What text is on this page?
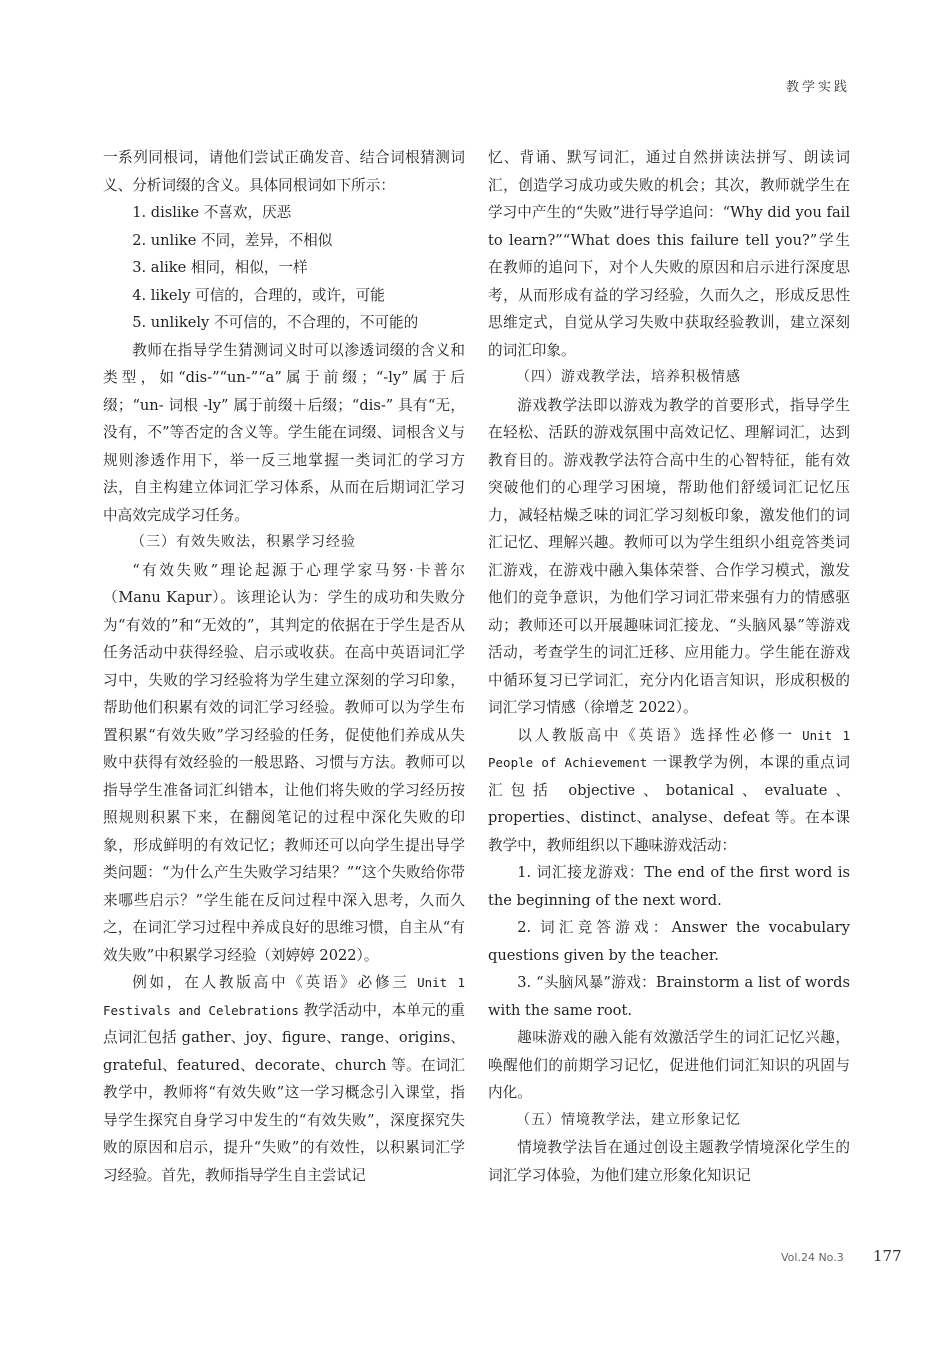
教学实践

一系列同根词，请他们尝试正确发音、结合词根猜测词义、分析词缀的含义。具体同根词如下所示：

1. dislike 不喜欢，厌恶

2. unlike 不同，差异，不相似

3. alike 相同，相似，一样

4. likely 可信的，合理的，或许，可能

5. unlikely 不可信的，不合理的，不可能的

教师在指导学生猜测词义时可以渗透词缀的含义和类型，如“dis-”“un-”“a”属于前缀；“-ly”属于后缀；“un- 词根 -ly” 属于前缀＋后缀；“dis-” 具有“无，没有，不”等否定的含义等。学生能在词缀、词根含义与规则渗透作用下，举一反三地掌握一类词汇的学习方法，自主构建立体词汇学习体系，从而在后期词汇学习中高效完成学习任务。

（三）有效失败法，积累学习经验

“有效失败”理论起源于心理学家马努·卡普尔（Manu Kapur）。该理论认为：学生的成功和失败分为“有效的”和“无效的”，其判定的依据在于学生是否从任务活动中获得经验、启示或收获。在高中英语词汇学习中，失败的学习经验将为学生建立深刻的学习印象，帮助他们积累有效的词汇学习经验。教师可以为学生布置积累“有效失败”学习经验的任务，促使他们养成从失败中获得有效经验的一般思路、习惯与方法。教师可以指导学生准备词汇纠错本，让他们将失败的学习经历按照规则积累下来，在翻阅笔记的过程中深化失败的印象，形成鲜明的有效记忆；教师还可以向学生提出导学类问题：“为什么产生失败学习结果？”“这个失败给你带来哪些启示？”学生能在反问过程中深入思考，久而久之，在词汇学习过程中养成良好的思维习惯，自主从“有效失败”中积累学习经验（刘婷婷 2022）。

例如，在人教版高中《英语》必修三 Unit 1 Festivals and Celebrations 教学活动中，本单元的重点词汇包括 gather、joy、figure、range、origins、grateful、featured、decorate、church 等。在词汇教学中，教师将“有效失败”这一学习概念引入课堂，指导学生探究自身学习中发生的“有效失败”，深度探究失败的原因和启示，提升“失败”的有效性，以积累词汇学习经验。首先，教师指导学生自主尝试记

忆、背诵、默写词汇，通过自然拼读法拼写、朗读词汇，创造学习成功或失败的机会；其次，教师就学生在学习中产生的“失败”进行导学追问：“Why did you fail to learn?”“What does this failure tell you?”学生在教师的追问下，对个人失败的原因和启示进行深度思考，从而形成有益的学习经验，久而久之，形成反思性思维定式，自觉从学习失败中获取经验教训，建立深刻的词汇印象。

（四）游戏教学法，培养积极情感

游戏教学法即以游戏为教学的首要形式，指导学生在轻松、活跃的游戏氛围中高效记忆、理解词汇，达到教育目的。游戏教学法符合高中生的心智特征，能有效突破他们的心理学习困境，帮助他们舒缓词汇记忆压力，减轻枯燥乏味的词汇学习刻板印象，激发他们的词汇记忆、理解兴趣。教师可以为学生组织小组竞答类词汇游戏，在游戏中融入集体荣誉、合作学习模式，激发他们的竞争意识，为他们学习词汇带来强有力的情感驱动；教师还可以开展趣味词汇接龙、“头脑风暴”等游戏活动，考查学生的词汇迁移、应用能力。学生能在游戏中循环复习已学词汇，充分内化语言知识，形成积极的词汇学习情感（徐增芝 2022）。

以人教版高中《英语》选择性必修一 Unit 1 People of Achievement 一课教学为例，本课的重点词汇包括 objective、botanical、evaluate、properties、distinct、analyse、defeat 等。在本课教学中，教师组织以下趣味游戏活动：

1. 词汇接龙游戏：The end of the first word is the beginning of the next word.

2. 词汇竞答游戏：Answer the vocabulary questions given by the teacher.

3. “头脑风暴”游戏：Brainstorm a list of words with the same root.

趣味游戏的融入能有效激活学生的词汇记忆兴趣，唤醒他们的前期学习记忆，促进他们词汇知识的巩固与内化。

（五）情境教学法，建立形象记忆

情境教学法旨在通过创设主题教学情境深化学生的词汇学习体验，为他们建立形象化知识记

Vol.24 No.3 177
